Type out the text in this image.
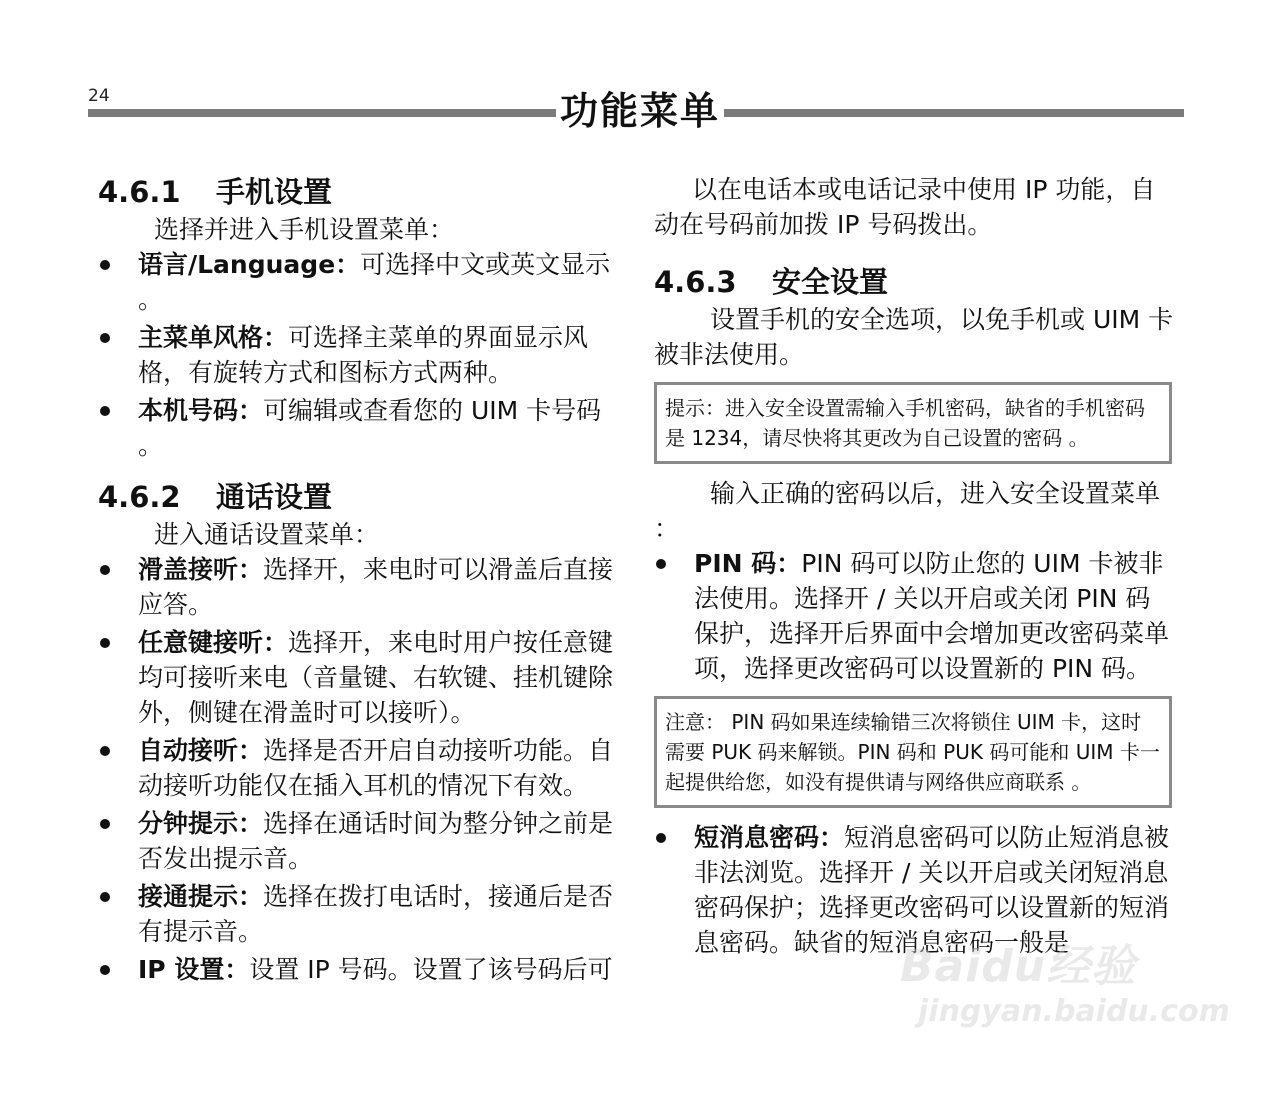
24	功能菜单
4.6.1 手机设置

选择并进入手机设置菜单：

语言/Language：可选择中文或英文显示 。
主菜单风格：可选择主菜单的界面显示风格，有旋转方式和图标方式两种。
本机号码：可编辑或查看您的 UIM 卡号码 。
4.6.2 通话设置

进入通话设置菜单：

滑盖接听：选择开，来电时可以滑盖后直接应答。
任意键接听：选择开，来电时用户按任意键均可接听来电（音量键、右软键、挂机键除外，侧键在滑盖时可以接听）。
自动接听：选择是否开启自动接听功能。自动接听功能仅在插入耳机的情况下有效。
分钟提示：选择在通话时间为整分钟之前是否发出提示音。
接通提示：选择在拨打电话时，接通后是否有提示音。
IP 设置：设置 IP 号码。设置了该号码后可

以在电话本或电话记录中使用 IP 功能，自动在号码前加拨 IP 号码拨出。

4.6.3 安全设置

设置手机的安全选项，以免手机或 UIM 卡被非法使用。

提示：进入安全设置需输入手机密码，缺省的手机密码是 1234，请尽快将其更改为自己设置的密码 。

输入正确的密码以后，进入安全设置菜单 ：

PIN 码：PIN 码可以防止您的 UIM 卡被非法使用。选择开 / 关以开启或关闭 PIN 码保护，选择开后界面中会增加更改密码菜单项，选择更改密码可以设置新的 PIN 码。
注意： PIN 码如果连续输错三次将锁住 UIM 卡，这时需要 PUK 码来解锁。PIN 码和 PUK 码可能和 UIM 卡一起提供给您，如没有提供请与网络供应商联系 。
短消息密码：短消息密码可以防止短消息被非法浏览。选择开 / 关以开启或关闭短消息密码保护；选择更改密码可以设置新的短消息密码。缺省的短消息密码一般是
Baidu经验
jingyan.baidu.com
